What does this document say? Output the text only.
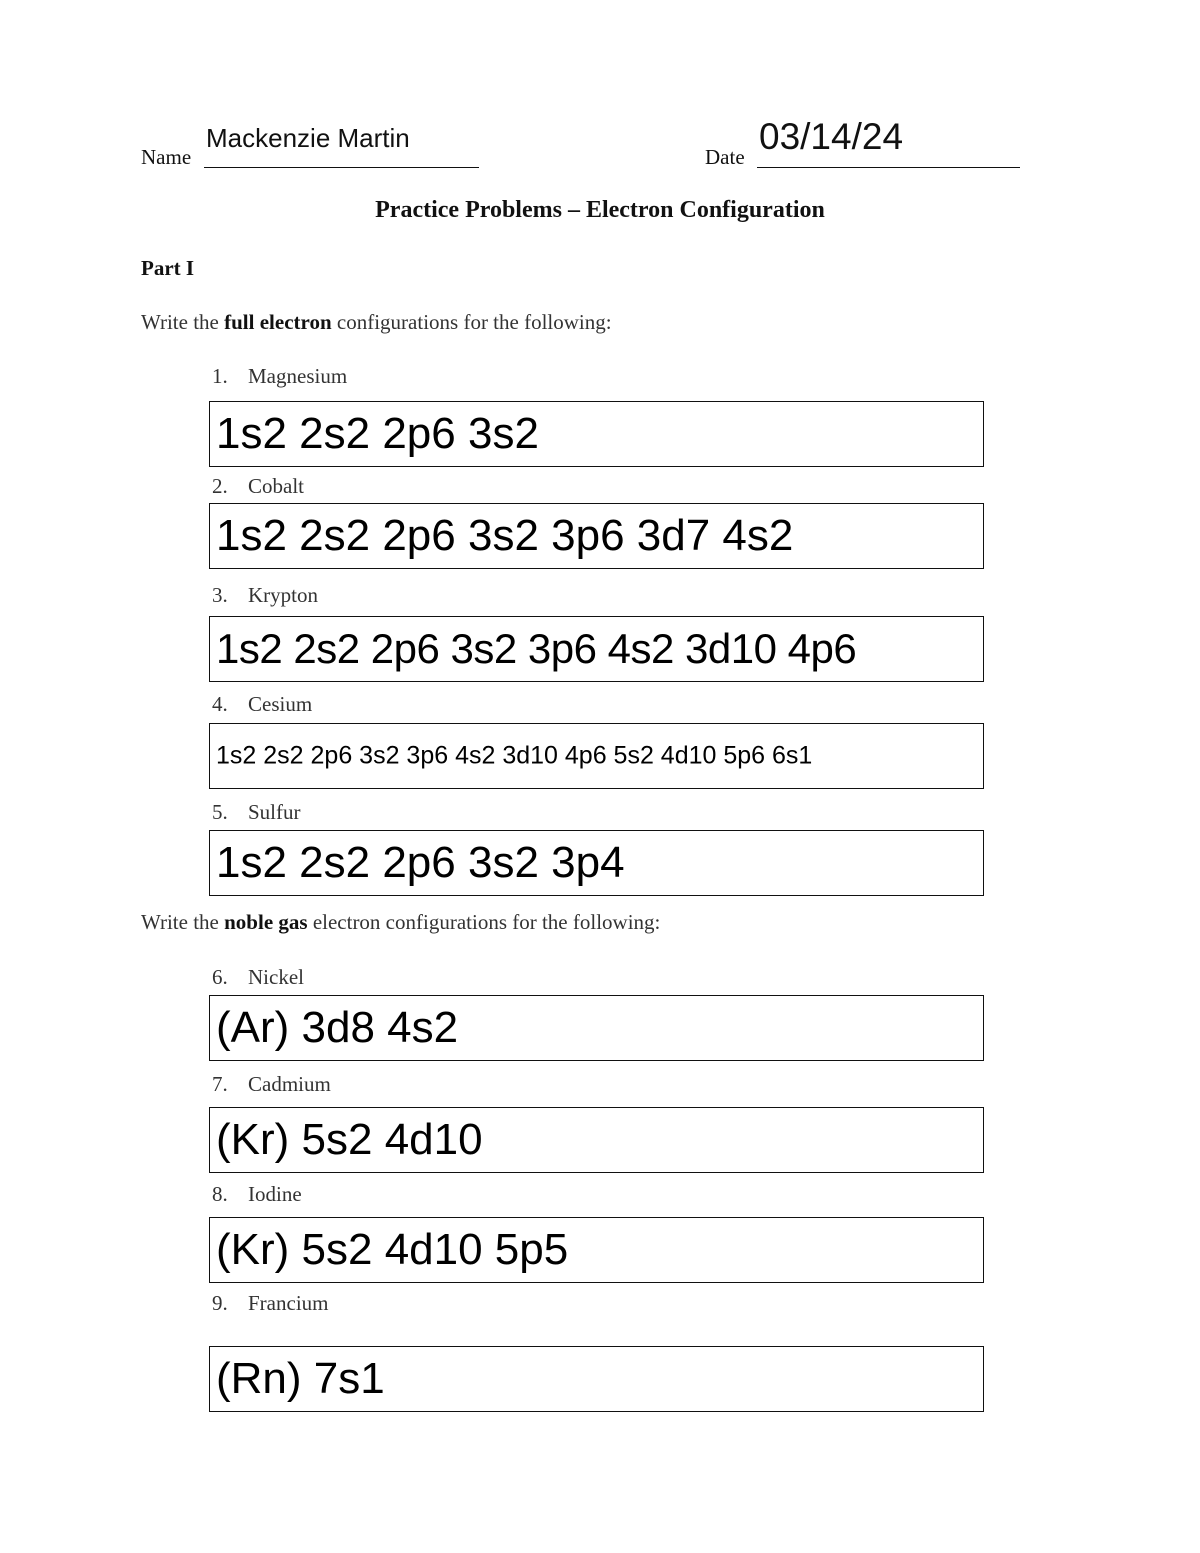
Name
Mackenzie Martin
Date 03/14/24
Practice Problems – Electron Configuration
Part I
Write the full electron configurations for the following:
1. Magnesium
1s2 2s2 2p6 3s2
2. Cobalt
1s2 2s2 2p6 3s2 3p6 3d7 4s2
3. Krypton
1s2 2s2 2p6 3s2 3p6 4s2 3d10 4p6
4. Cesium
1s2 2s2 2p6 3s2 3p6 4s2 3d10 4p6 5s2 4d10 5p6 6s1
5. Sulfur
1s2 2s2 2p6 3s2 3p4
Write the noble gas electron configurations for the following:
6. Nickel
(Ar) 3d8 4s2
7. Cadmium
(Kr) 5s2 4d10
8. Iodine
(Kr) 5s2 4d10 5p5
9. Francium
(Rn) 7s1
